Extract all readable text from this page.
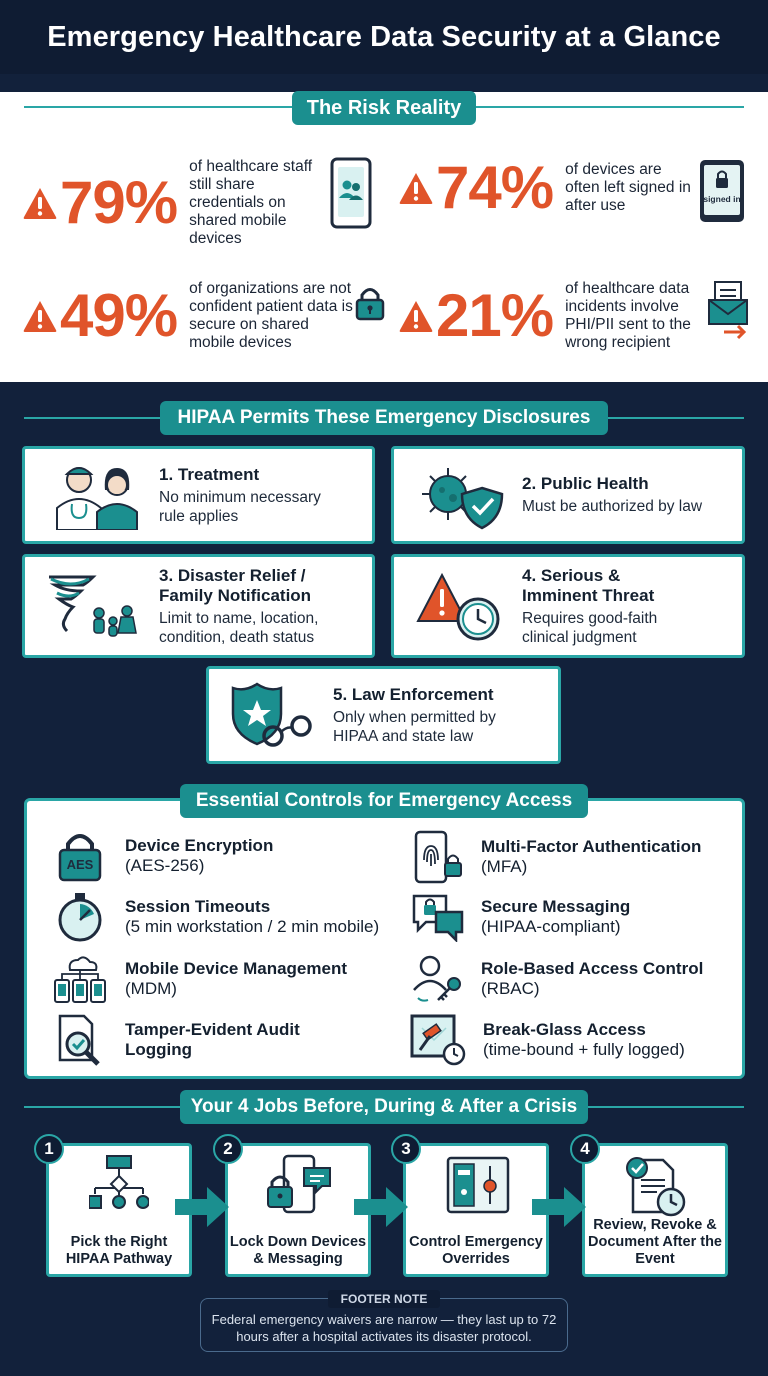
Emergency Healthcare Data Security at a Glance
The Risk Reality
79%
of healthcare staff still share credentials on shared mobile devices
74% of devices are often left signed in after use	signed in
49% of organizations are not confident patient data is secure on shared mobile devices	21% of healthcare data incidents involve PHI/PII sent to the wrong recipient
HIPAA Permits These Emergency Disclosures
1. Treatment
No minimum necessary rule applies
2. Public Health
Must be authorized by law
3. Disaster Relief / Family Notification
Limit to name, location, condition, death status
4. Serious & Imminent Threat
Requires good-faith clinical judgment
5. Law Enforcement
Only when permitted by HIPAA and state law
Essential Controls for Emergency Access
AES
Device Encryption
(AES-256)
Multi-Factor Authentication (MFA)
Session Timeouts
(5 min workstation / 2 min mobile)
Secure Messaging
(HIPAA-compliant)
Mobile Device Management (MDM)
Role-Based Access Control (RBAC)
Tamper-Evident Audit Logging
Break-Glass Access
(time-bound + fully logged)
Your 4 Jobs Before, During & After a Crisis
Pick the Right HIPAA Pathway
1
Lock Down Devices & Messaging
2
Control Emergency Overrides
3
Review, Revoke & Document After the Event
4
Federal emergency waivers are narrow — they last up to 72 hours after a hospital activates its disaster protocol.
FOOTER NOTE
